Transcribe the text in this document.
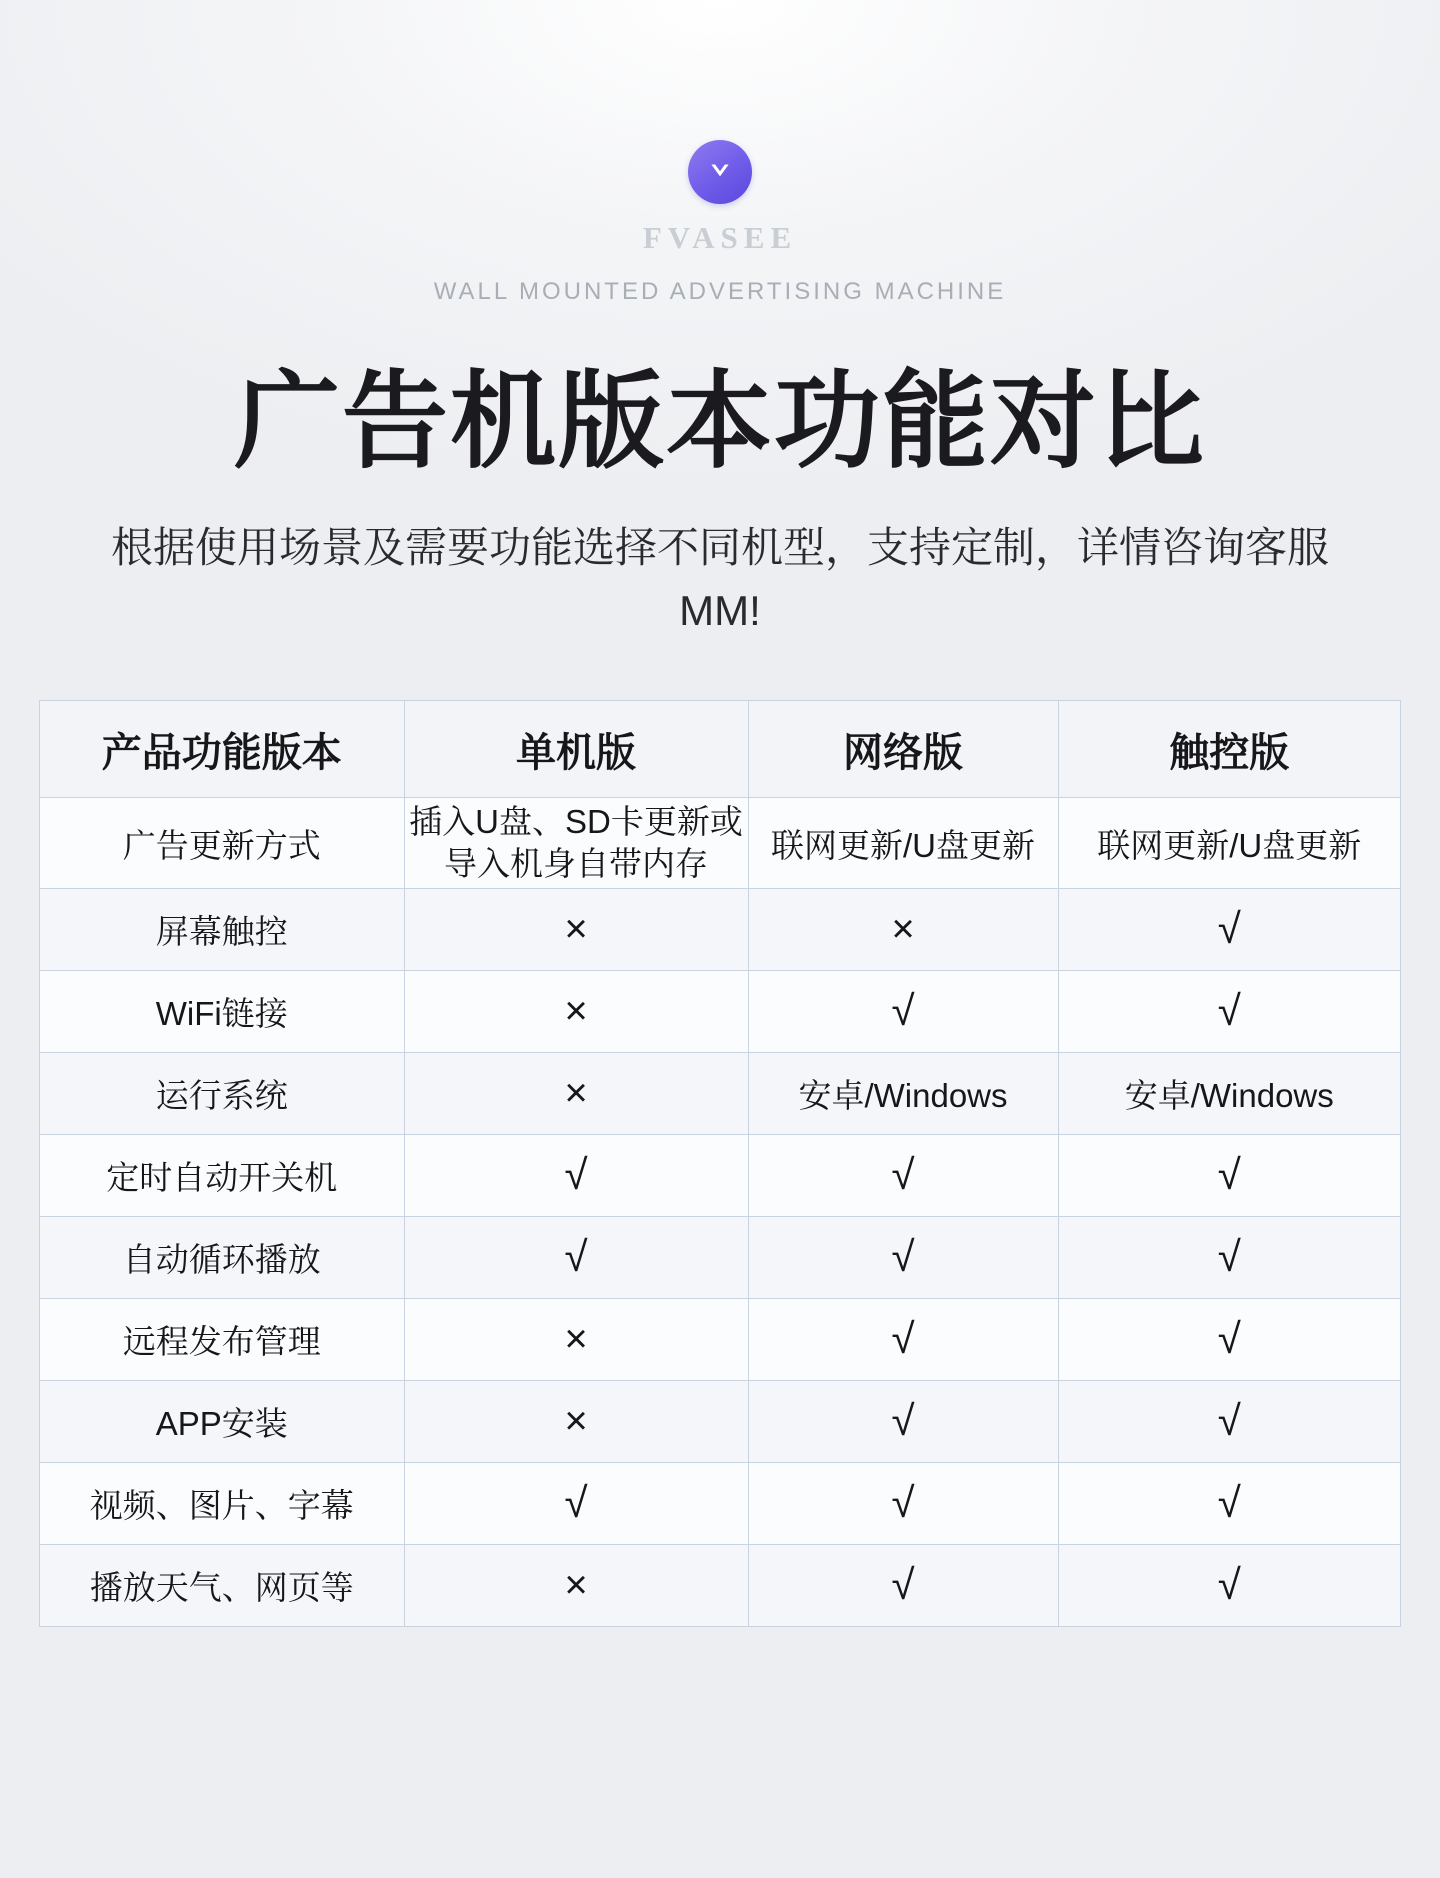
FVASEE
WALL MOUNTED ADVERTISING MACHINE
广告机版本功能对比
根据使用场景及需要功能选择不同机型，支持定制，详情咨询客服MM!
产品功能版本	单机版	网络版	触控版
广告更新方式	插入U盘、SD卡更新或导入机身自带内存	联网更新/U盘更新	联网更新/U盘更新
屏幕触控	×	×	√
WiFi链接	×	√	√
运行系统	×	安卓/Windows	安卓/Windows
定时自动开关机	√	√	√
自动循环播放	√	√	√
远程发布管理	×	√	√
APP安装	×	√	√
视频、图片、字幕	√	√	√
播放天气、网页等	×	√	√
